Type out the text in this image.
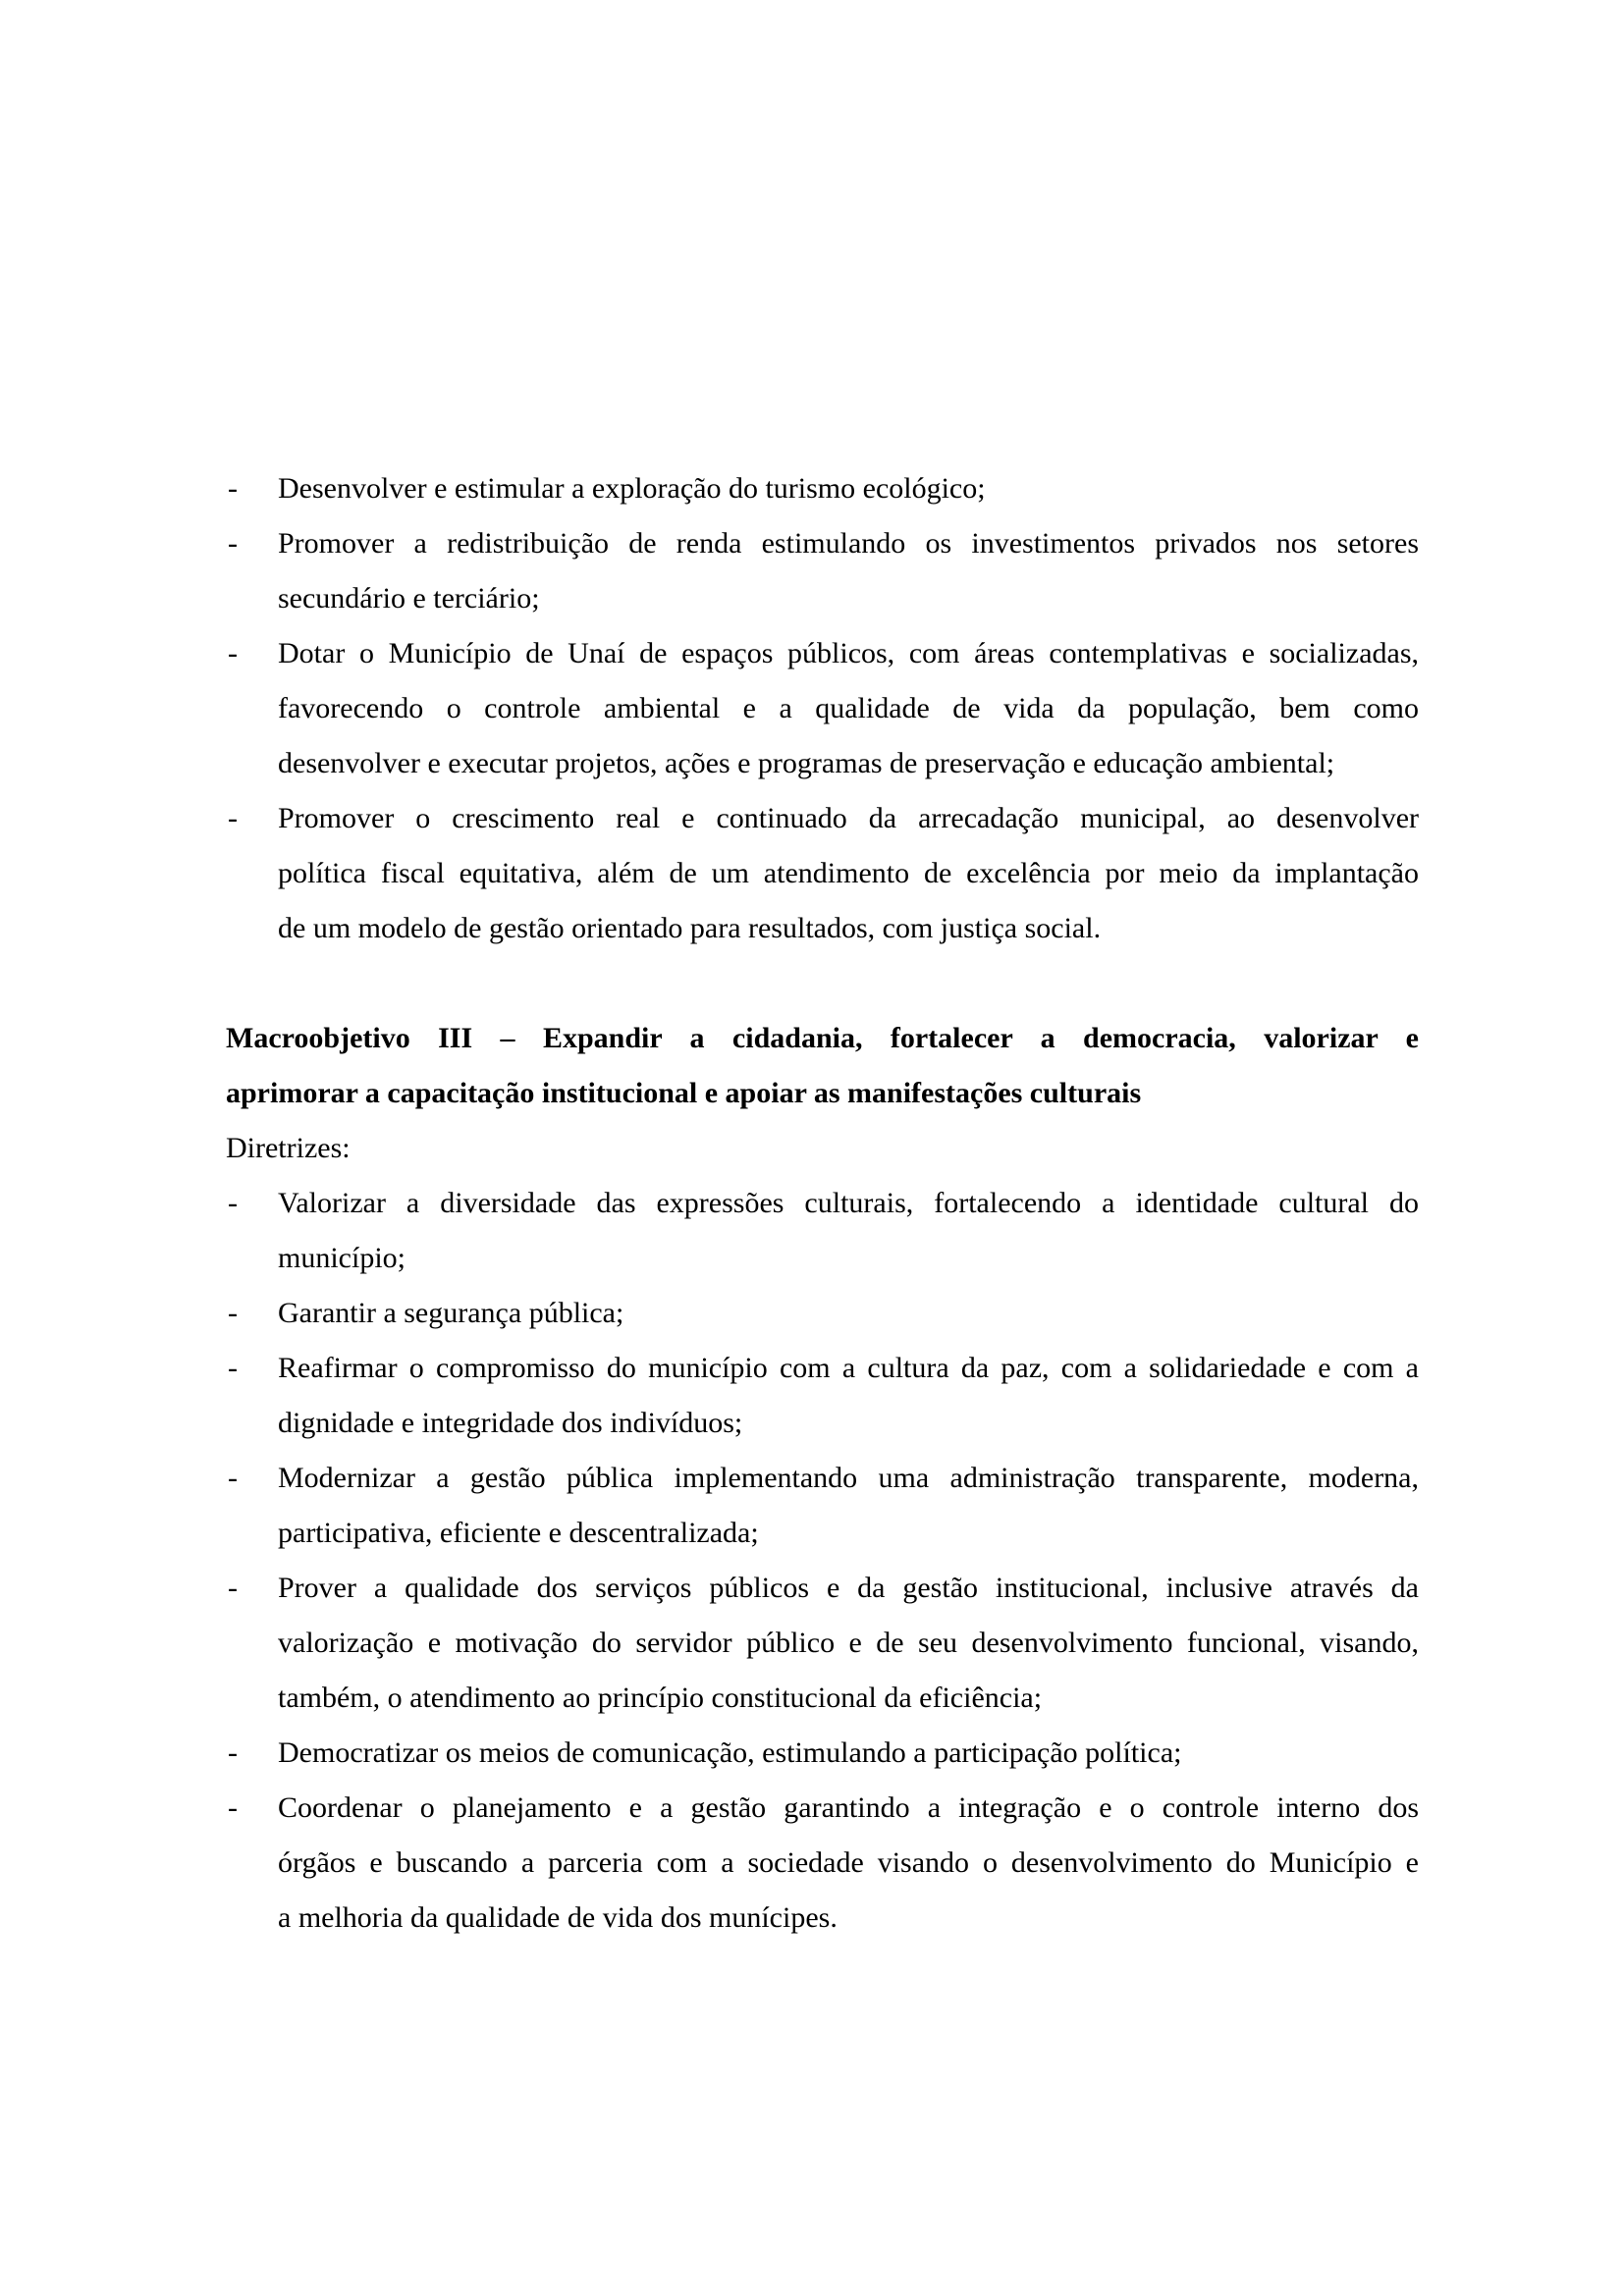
-	Desenvolver e estimular a exploração do turismo ecológico;
-	Promover a redistribuição de renda estimulando os investimentos privados nos setores
secundário e terciário;
-	Dotar o Município de Unaí de espaços públicos, com áreas contemplativas e socializadas,
favorecendo o controle ambiental e a qualidade de vida da população, bem como
desenvolver e executar projetos, ações e programas de preservação e educação ambiental;
-	Promover o crescimento real e continuado da arrecadação municipal, ao desenvolver
política fiscal equitativa, além de um atendimento de excelência por meio da implantação
de um modelo de gestão orientado para resultados, com justiça social.
Macroobjetivo III – Expandir a cidadania, fortalecer a democracia, valorizar e
aprimorar a capacitação institucional e apoiar as manifestações culturais
Diretrizes:
-	Valorizar a diversidade das expressões culturais, fortalecendo a identidade cultural do
município;
-	Garantir a segurança pública;
-	Reafirmar o compromisso do município com a cultura da paz, com a solidariedade e com a
dignidade e integridade dos indivíduos;
-	Modernizar a gestão pública implementando uma administração transparente, moderna,
participativa, eficiente e descentralizada;
-	Prover a qualidade dos serviços públicos e da gestão institucional, inclusive através da
valorização e motivação do servidor público e de seu desenvolvimento funcional, visando,
também, o atendimento ao princípio constitucional da eficiência;
-	Democratizar os meios de comunicação, estimulando a participação política;
-	Coordenar o planejamento e a gestão garantindo a integração e o controle interno dos
órgãos e buscando a parceria com a sociedade visando o desenvolvimento do Município e
a melhoria da qualidade de vida dos munícipes.
